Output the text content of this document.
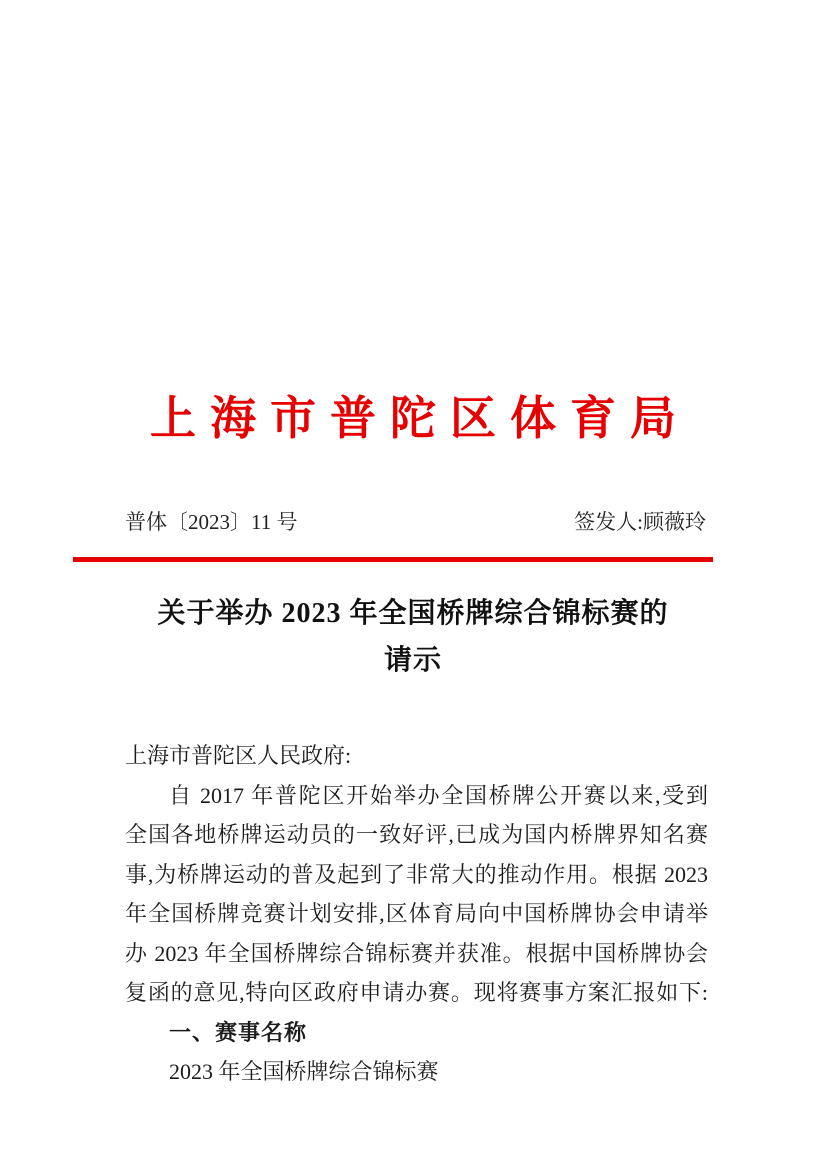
上海市普陀区体育局
普体〔2023〕11 号	签发人:顾薇玲
关于举办 2023 年全国桥牌综合锦标赛的
请示
上海市普陀区人民政府:
自 2017 年普陀区开始举办全国桥牌公开赛以来,受到
全国各地桥牌运动员的一致好评,已成为国内桥牌界知名赛
事,为桥牌运动的普及起到了非常大的推动作用。根据 2023
年全国桥牌竞赛计划安排,区体育局向中国桥牌协会申请举
办 2023 年全国桥牌综合锦标赛并获准。根据中国桥牌协会
复函的意见,特向区政府申请办赛。现将赛事方案汇报如下:
一、赛事名称
2023 年全国桥牌综合锦标赛
